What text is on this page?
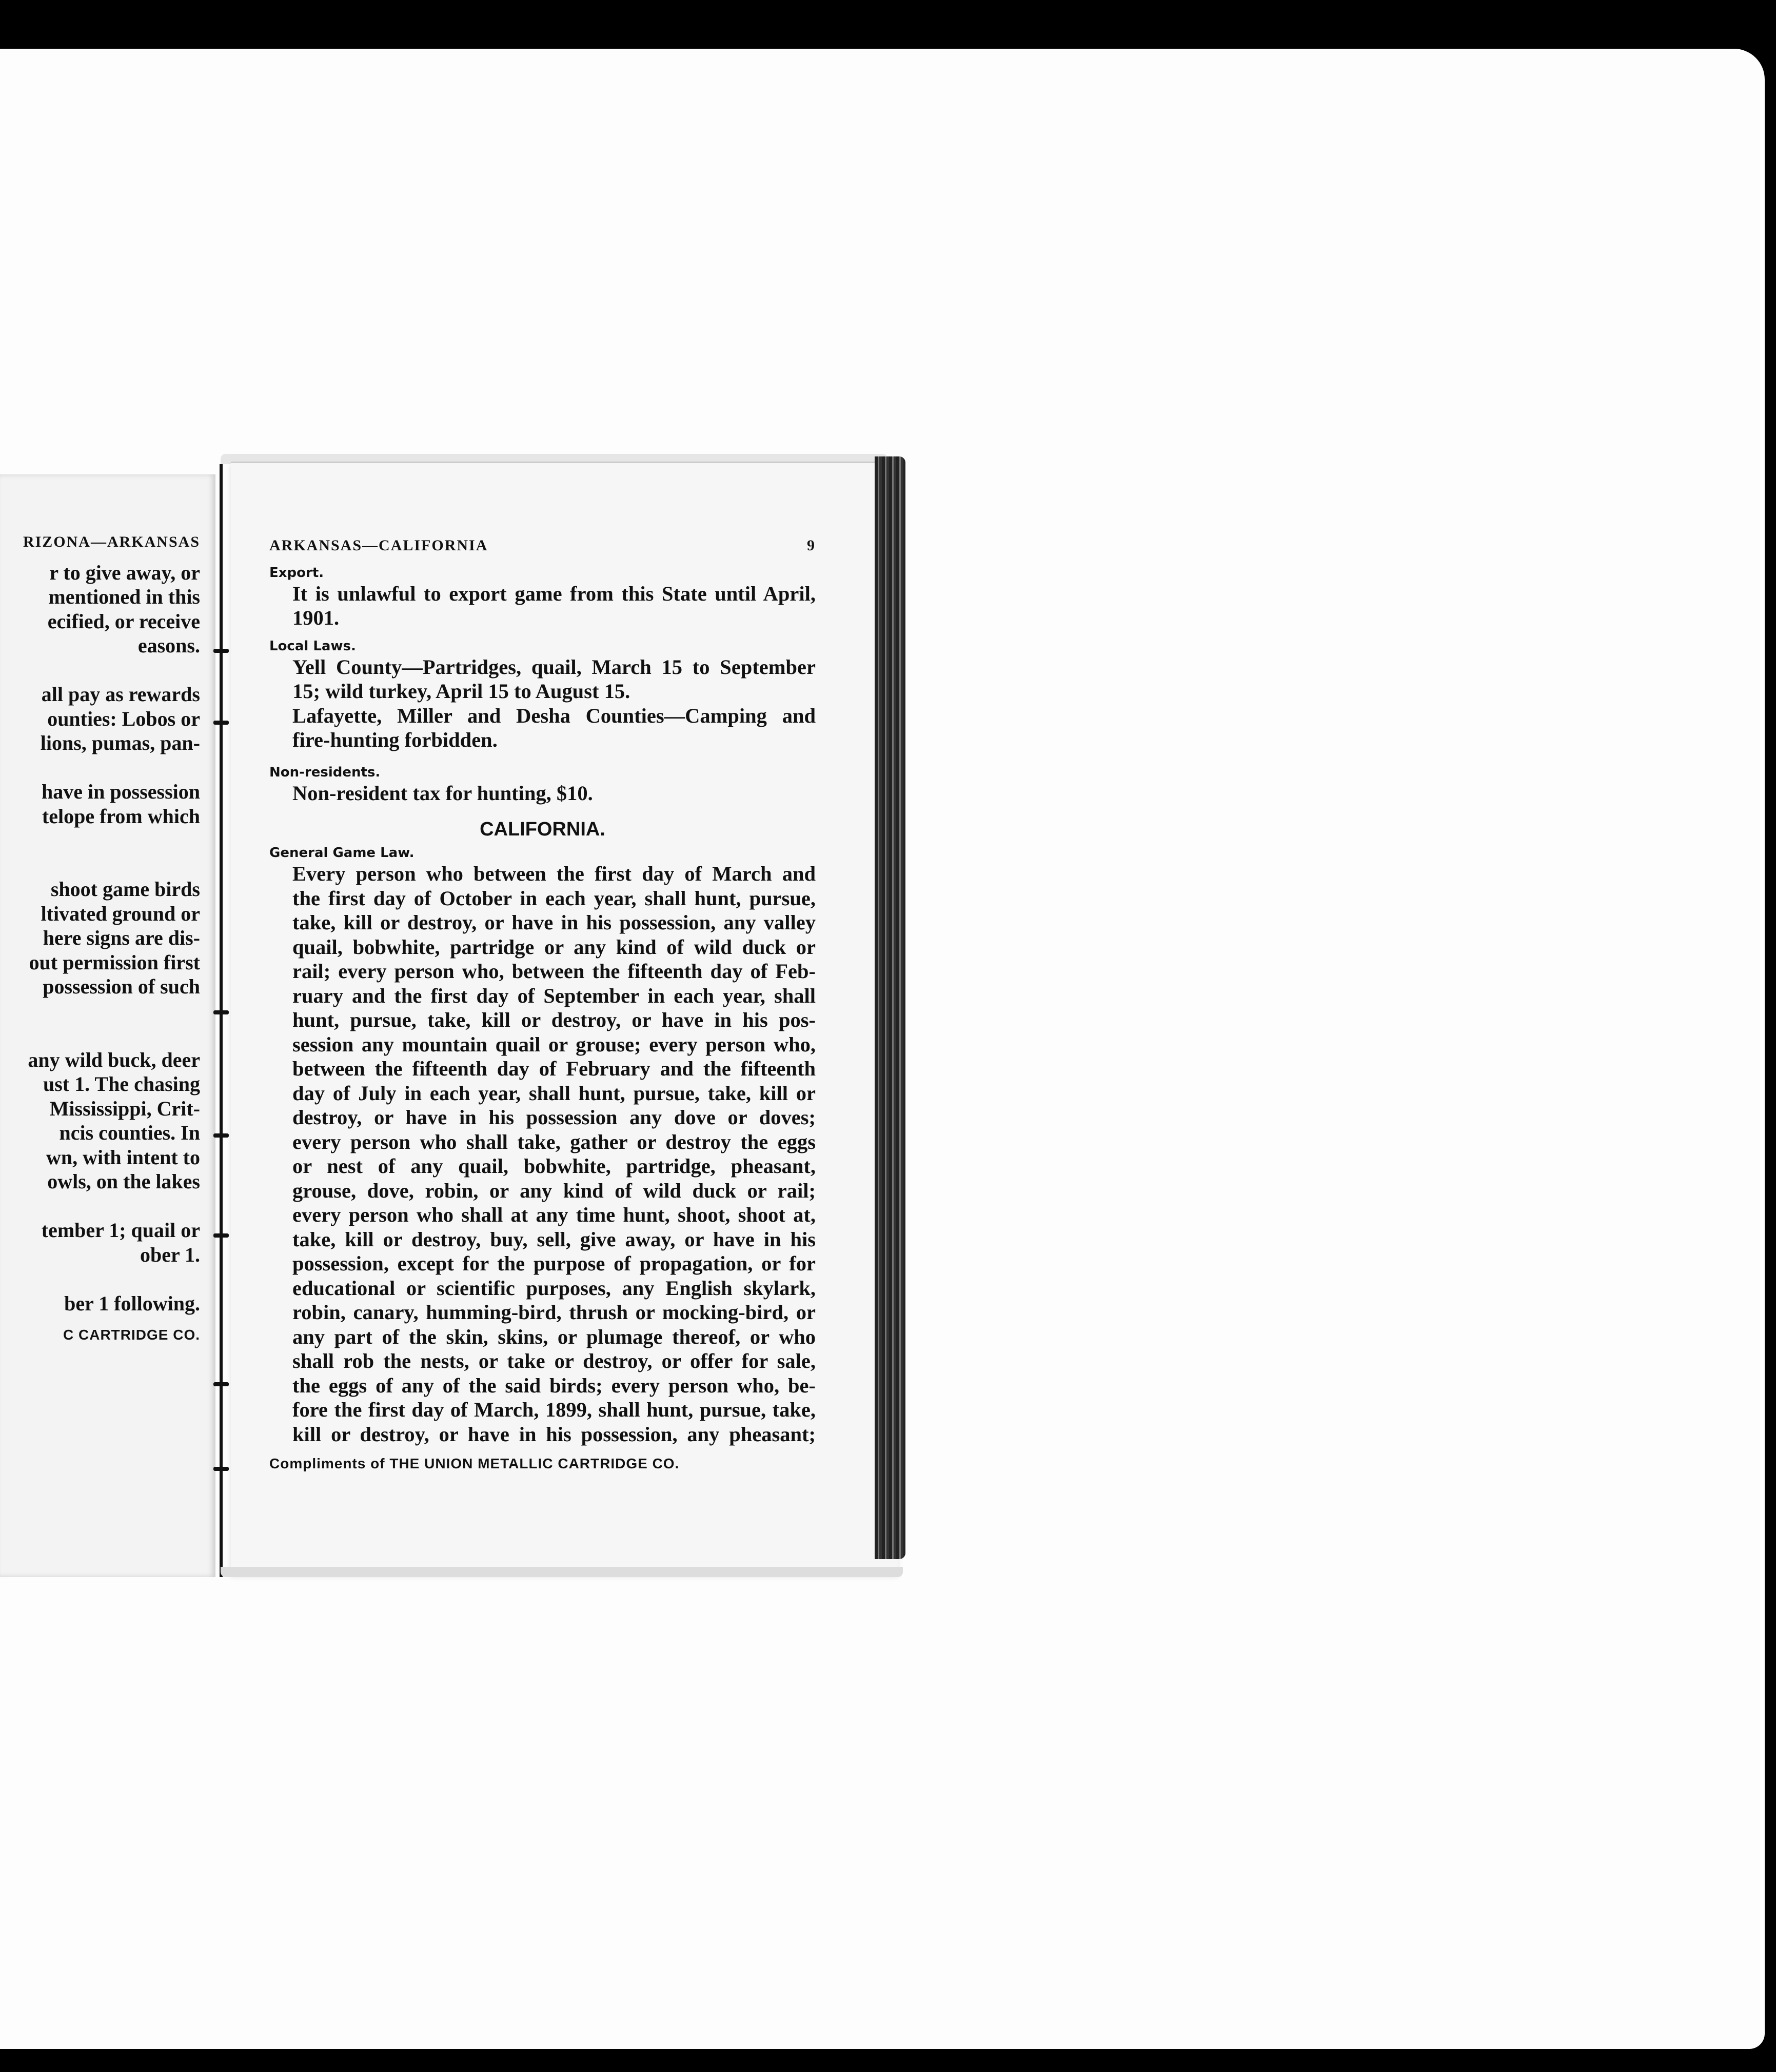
RIZONA—ARKANSAS
r to give away, or
mentioned in this
ecified, or receive
easons.
all pay as rewards
ounties: Lobos or
lions, pumas, pan-
have in possession
telope from which
shoot game birds
ltivated ground or
here signs are dis-
out permission first
possession of such
any wild buck, deer
ust 1. The chasing
Mississippi, Crit-
ncis counties. In
wn, with intent to
owls, on the lakes
tember 1; quail or
ober 1.
ber 1 following.
C CARTRIDGE CO.
ARKANSAS—CALIFORNIA	9
Export.
It is unlawful to export game from this State until April,
1901.
Local Laws.
Yell County—Partridges, quail, March 15 to September
15; wild turkey, April 15 to August 15.
Lafayette, Miller and Desha Counties—Camping and
fire-hunting forbidden.
Non-residents.
Non-resident tax for hunting, $10.
CALIFORNIA.
General Game Law.
Every person who between the first day of March and
the first day of October in each year, shall hunt, pursue,
take, kill or destroy, or have in his possession, any valley
quail, bobwhite, partridge or any kind of wild duck or
rail; every person who, between the fifteenth day of Feb-
ruary and the first day of September in each year, shall
hunt, pursue, take, kill or destroy, or have in his pos-
session any mountain quail or grouse; every person who,
between the fifteenth day of February and the fifteenth
day of July in each year, shall hunt, pursue, take, kill or
destroy, or have in his possession any dove or doves;
every person who shall take, gather or destroy the eggs
or nest of any quail, bobwhite, partridge, pheasant,
grouse, dove, robin, or any kind of wild duck or rail;
every person who shall at any time hunt, shoot, shoot at,
take, kill or destroy, buy, sell, give away, or have in his
possession, except for the purpose of propagation, or for
educational or scientific purposes, any English skylark,
robin, canary, humming-bird, thrush or mocking-bird, or
any part of the skin, skins, or plumage thereof, or who
shall rob the nests, or take or destroy, or offer for sale,
the eggs of any of the said birds; every person who, be-
fore the first day of March, 1899, shall hunt, pursue, take,
kill or destroy, or have in his possession, any pheasant;
Compliments of THE UNION METALLIC CARTRIDGE CO.
